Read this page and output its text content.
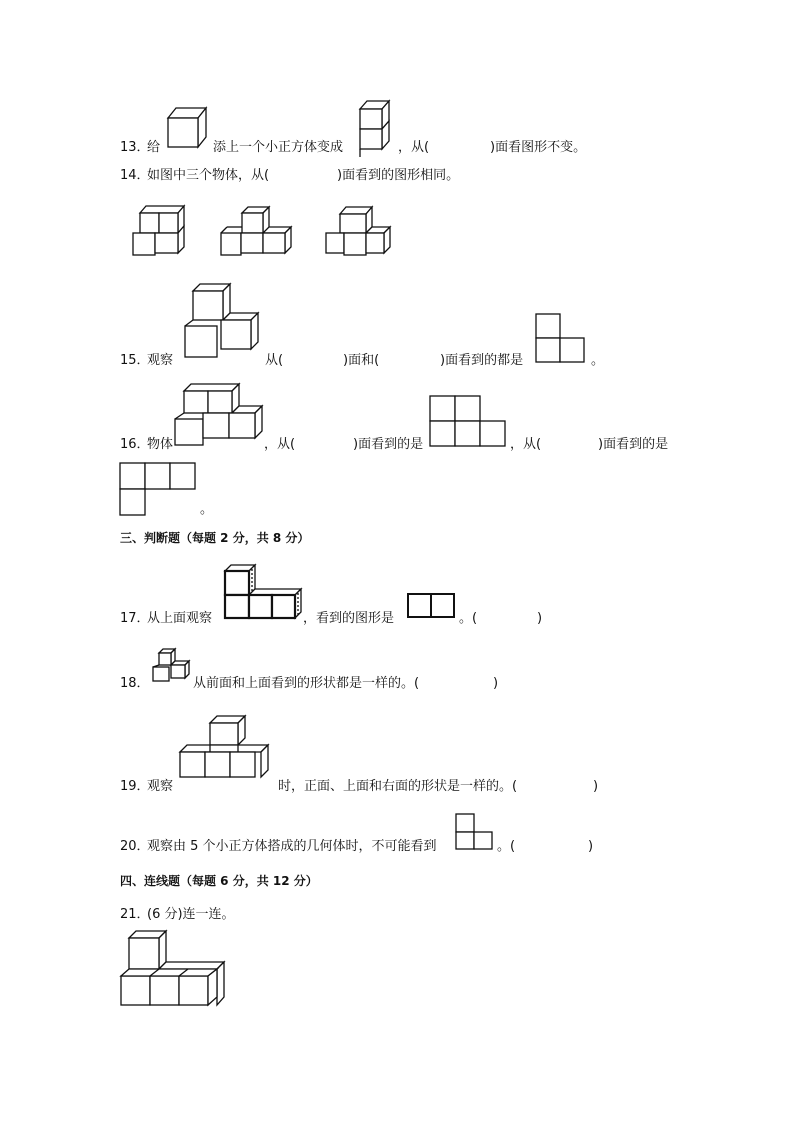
13．
给	添上一个小正方体变成	，从(	)面看图形不变。
14．
如图中三个物体，从(	)面看到的图形相同。
15．
观察	从(	)面和(	)面看到的都是	。
16．
物体	，从(	)面看到的是	，从(	)面看到的是
。
三、判断题（每题 2 分，共 8 分）
17．
从上面观察	，看到的图形是	。(	)
18．	从前面和上面看到的形状都是一样的。(	)
19．
观察	时，正面、上面和右面的形状是一样的。(	)
20．
观察由 5 个小正方体搭成的几何体时，不可能看到	。(	)
四、连线题（每题 6 分，共 12 分）
21．
(6 分)连一连。
